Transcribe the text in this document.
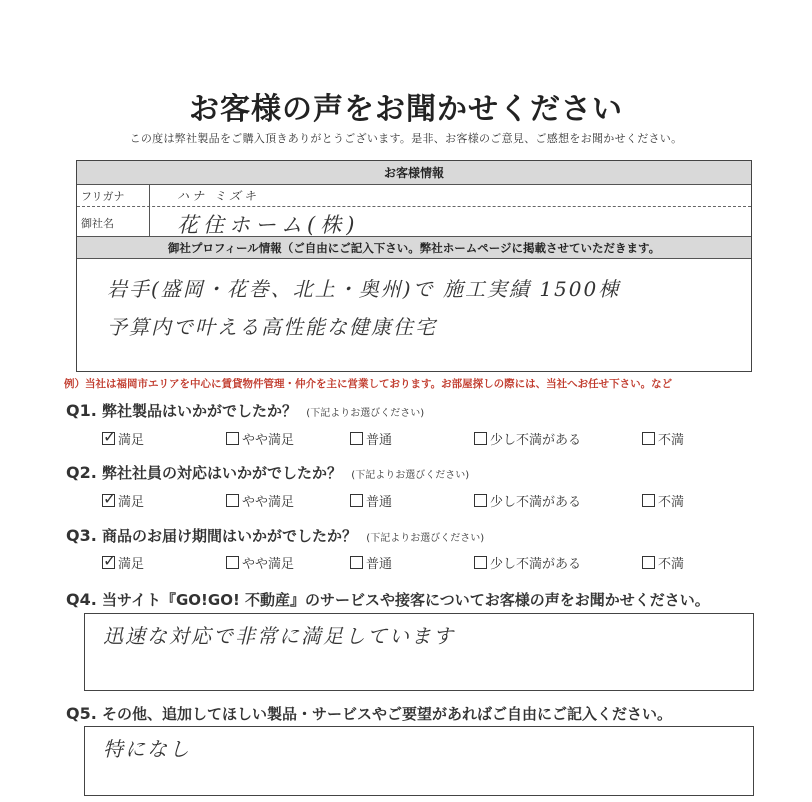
お客様の声をお聞かせください
この度は弊社製品をご購入頂きありがとうございます。是非、お客様のご意見、ご感想をお聞かせください。
お客様情報
フリガナ	ハナ ミズキ
御社名	花住ホーム(株)
御社プロフィール情報（ご自由にご記入下さい。弊社ホームページに掲載させていただきます。
岩手(盛岡・花巻、北上・奥州)で 施工実績 1500棟
予算内で叶える高性能な健康住宅
例）当社は福岡市エリアを中心に賃貸物件管理・仲介を主に営業しております。お部屋探しの際には、当社へお任せ下さい。など
Q1. 弊社製品はいかがでしたか？ (下記よりお選びください)
✓ 満足	やや満足	普通	少し不満がある	不満
Q2. 弊社社員の対応はいかがでしたか？ (下記よりお選びください)
✓ 満足	やや満足	普通	少し不満がある	不満
Q3. 商品のお届け期間はいかがでしたか？ (下記よりお選びください)
✓ 満足	やや満足	普通	少し不満がある	不満
Q4. 当サイト『GO!GO! 不動産』のサービスや接客についてお客様の声をお聞かせください。
迅速な対応で非常に満足しています
Q5. その他、追加してほしい製品・サービスやご要望があればご自由にご記入ください。
特になし
